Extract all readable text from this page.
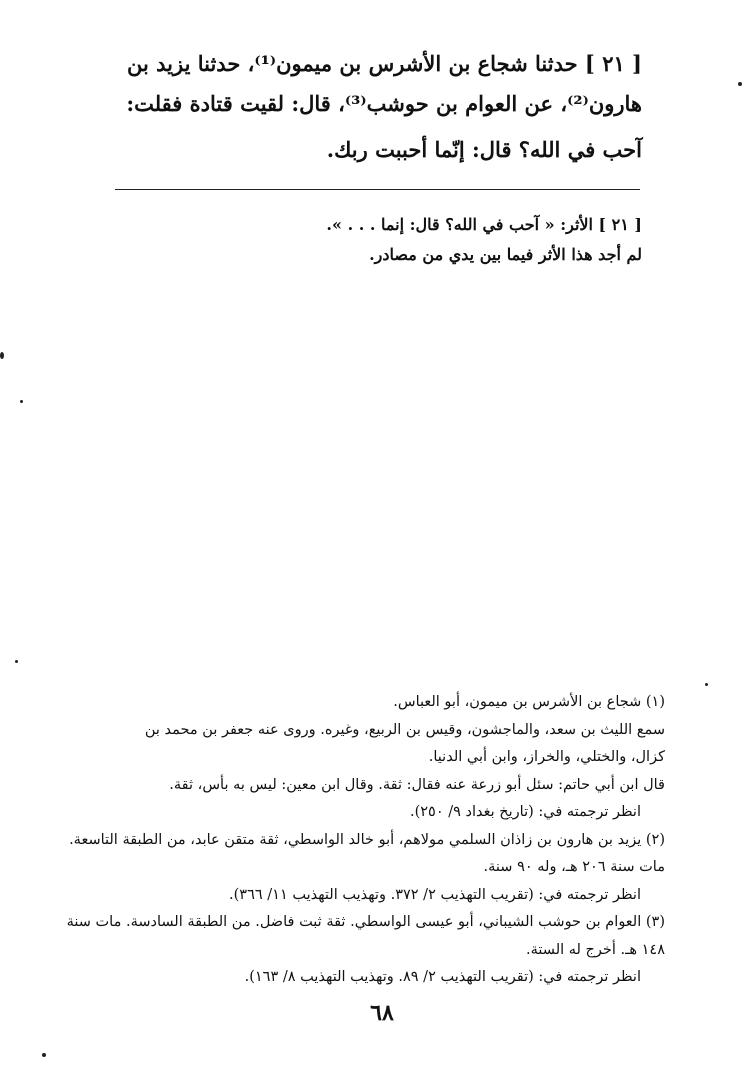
[ ٢١ ] حدثنا شجاع بن الأشرس بن ميمون⁽¹⁾، حدثنا يزيد بن
هارون⁽²⁾، عن العوام بن حوشب⁽³⁾، قال: لقيت قتادة فقلت:
آحب في الله؟ قال: إنّما أحببت ربك.
[ ٢١ ] الأثر: « آحب في الله؟ قال: إنما . . . ».
لم أجد هذا الأثر فيما بين يدي من مصادر.
(١) شجاع بن الأشرس بن ميمون، أبو العباس.
سمع الليث بن سعد، والماجشون، وقيس بن الربيع، وغيره. وروى عنه جعفر بن محمد بن
كزال، والختلي، والخراز، وابن أبي الدنيا.
قال ابن أبي حاتم: سئل أبو زرعة عنه فقال: ثقة. وقال ابن معين: ليس به بأس، ثقة.
انظر ترجمته في: (تاريخ بغداد ٩/ ٢٥٠).
(٢) يزيد بن هارون بن زاذان السلمي مولاهم، أبو خالد الواسطي، ثقة متقن عابد، من الطبقة التاسعة.
مات سنة ٢٠٦ هـ، وله ٩٠ سنة.
انظر ترجمته في: (تقريب التهذيب ٢/ ٣٧٢. وتهذيب التهذيب ١١/ ٣٦٦).
(٣) العوام بن حوشب الشيباني، أبو عيسى الواسطي. ثقة ثبت فاضل. من الطبقة السادسة. مات سنة
١٤٨ هـ. أخرج له الستة.
انظر ترجمته في: (تقريب التهذيب ٢/ ٨٩. وتهذيب التهذيب ٨/ ١٦٣).
٦٨
